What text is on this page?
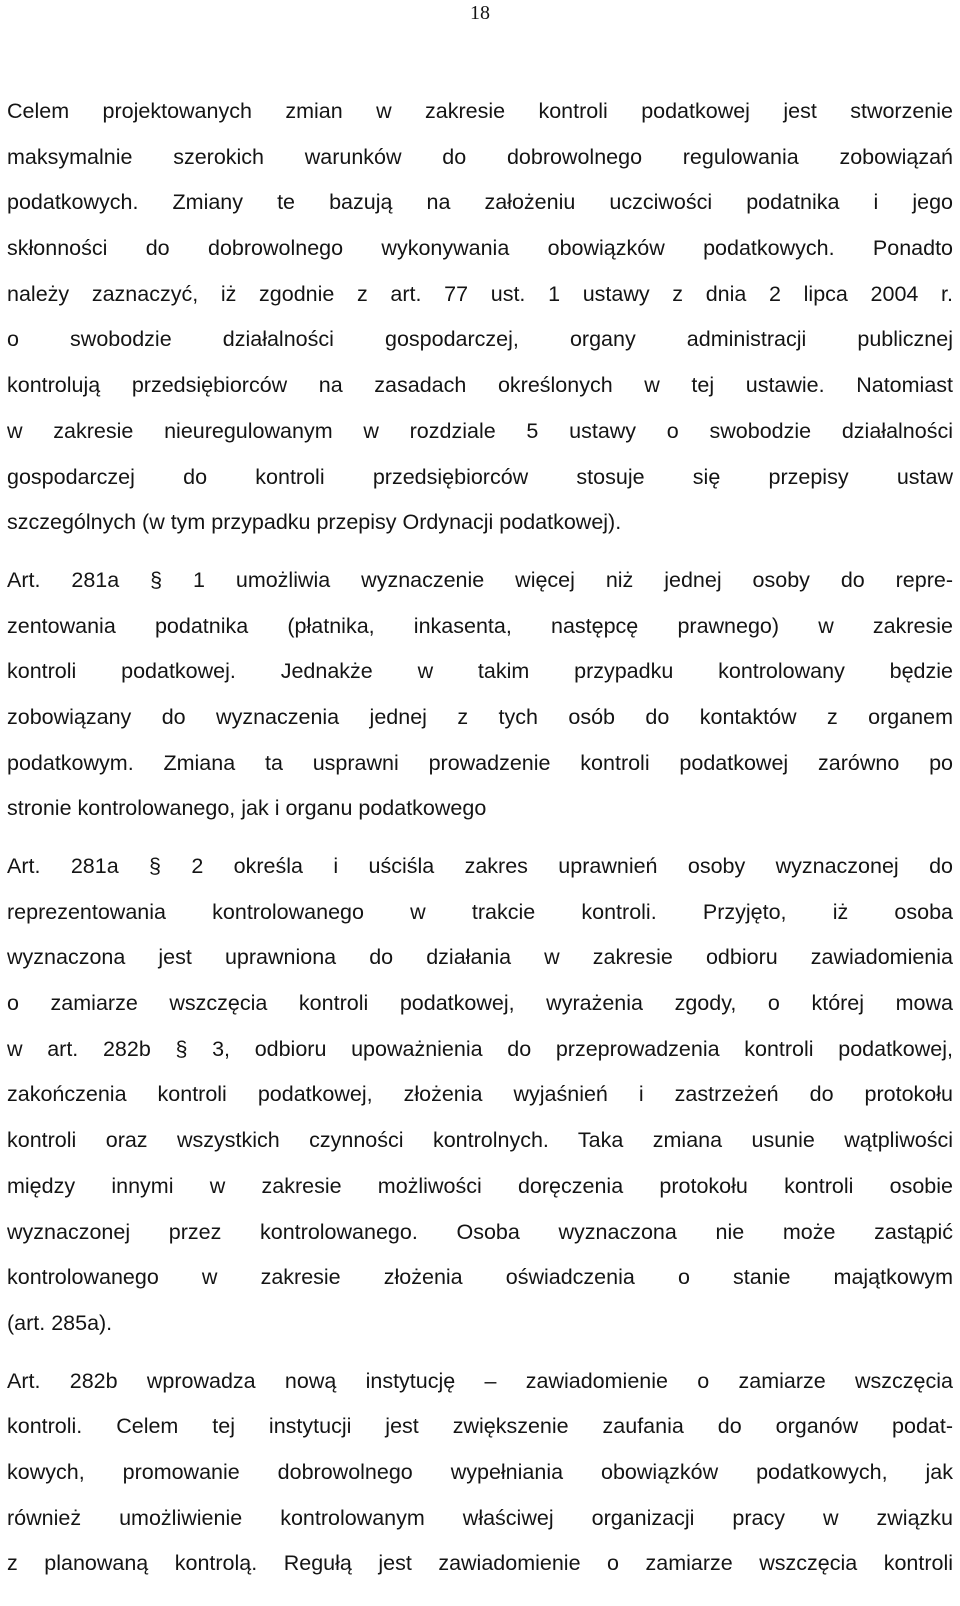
18
Celem projektowanych zmian w zakresie kontroli podatkowej jest stworzenie
maksymalnie szerokich warunków do dobrowolnego regulowania zobowiązań
podatkowych. Zmiany te bazują na założeniu uczciwości podatnika i jego
skłonności do dobrowolnego wykonywania obowiązków podatkowych. Ponadto
należy zaznaczyć, iż zgodnie z art. 77 ust. 1 ustawy z dnia 2 lipca 2004 r.
o swobodzie działalności gospodarczej, organy administracji publicznej
kontrolują przedsiębiorców na zasadach określonych w tej ustawie. Natomiast
w zakresie nieuregulowanym w rozdziale 5 ustawy o swobodzie działalności
gospodarczej do kontroli przedsiębiorców stosuje się przepisy ustaw
szczególnych (w tym przypadku przepisy Ordynacji podatkowej).
Art. 281a § 1 umożliwia wyznaczenie więcej niż jednej osoby do repre-
zentowania podatnika (płatnika, inkasenta, następcę prawnego) w zakresie
kontroli podatkowej. Jednakże w takim przypadku kontrolowany będzie
zobowiązany do wyznaczenia jednej z tych osób do kontaktów z organem
podatkowym. Zmiana ta usprawni prowadzenie kontroli podatkowej zarówno po
stronie kontrolowanego, jak i organu podatkowego
Art. 281a § 2 określa i uściśla zakres uprawnień osoby wyznaczonej do
reprezentowania kontrolowanego w trakcie kontroli. Przyjęto, iż osoba
wyznaczona jest uprawniona do działania w zakresie odbioru zawiadomienia
o zamiarze wszczęcia kontroli podatkowej, wyrażenia zgody, o której mowa
w art. 282b § 3, odbioru upoważnienia do przeprowadzenia kontroli podatkowej,
zakończenia kontroli podatkowej, złożenia wyjaśnień i zastrzeżeń do protokołu
kontroli oraz wszystkich czynności kontrolnych. Taka zmiana usunie wątpliwości
między innymi w zakresie możliwości doręczenia protokołu kontroli osobie
wyznaczonej przez kontrolowanego. Osoba wyznaczona nie może zastąpić
kontrolowanego w zakresie złożenia oświadczenia o stanie majątkowym
(art. 285a).
Art. 282b wprowadza nową instytucję – zawiadomienie o zamiarze wszczęcia
kontroli. Celem tej instytucji jest zwiększenie zaufania do organów podat-
kowych, promowanie dobrowolnego wypełniania obowiązków podatkowych, jak
również umożliwienie kontrolowanym właściwej organizacji pracy w związku
z planowaną kontrolą. Regułą jest zawiadomienie o zamiarze wszczęcia kontroli
